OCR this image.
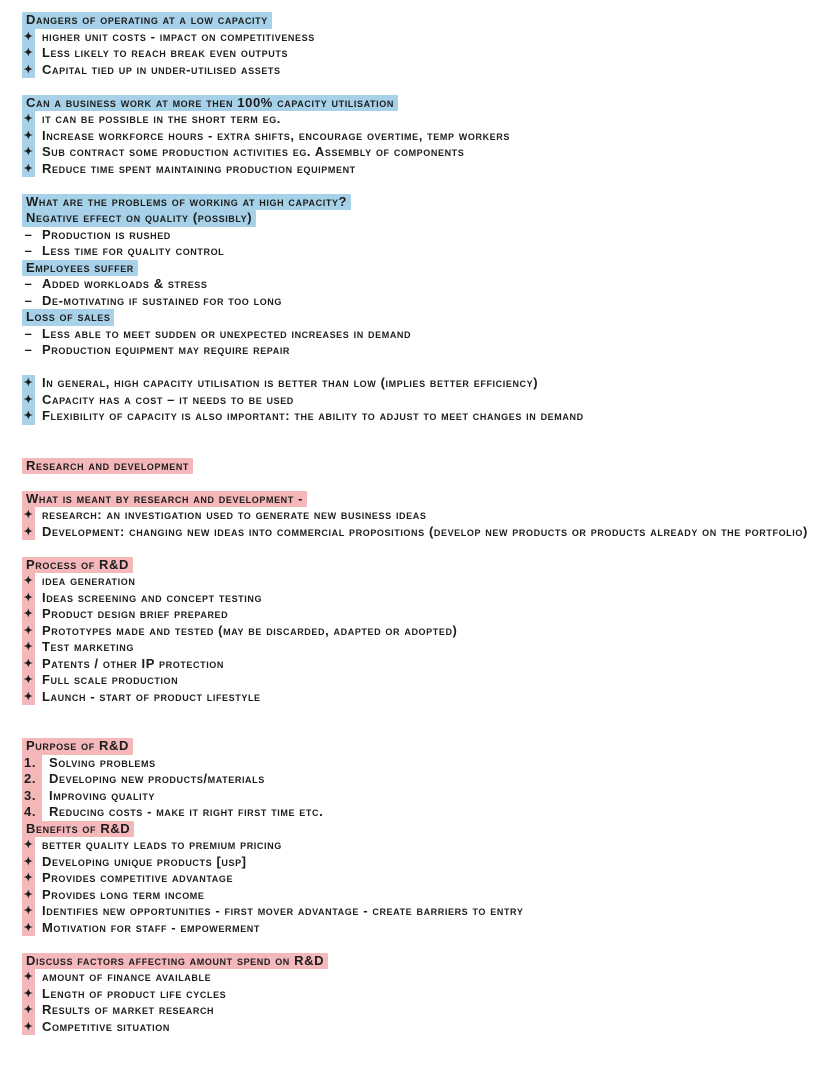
Dangers of operating at a low capacity
✦ higher unit costs - impact on competitiveness
✦ Less likely to reach break even outputs
✦ Capital tied up in under-utilised assets
Can a business work at more then 100% capacity utilisation
✦ it can be possible in the short term eg.
✦ Increase workforce hours - extra shifts, encourage overtime, temp workers
✦ Sub contract some production activities eg. Assembly of components
✦ Reduce time spent maintaining production equipment
What are the problems of working at high capacity?
Negative effect on quality (possibly)
– Production is rushed
– Less time for quality control
Employees suffer
– Added workloads & stress
– De-motivating if sustained for too long
Loss of sales
– Less able to meet sudden or unexpected increases in demand
– Production equipment may require repair
✦ In general, high capacity utilisation is better than low (implies better efficiency)
✦ Capacity has a cost – it needs to be used
✦ Flexibility of capacity is also important: the ability to adjust to meet changes in demand
Research and development
What is meant by research and development -
✦ research: an investigation used to generate new business ideas
✦ Development: changing new ideas into commercial propositions (develop new products or products already on the portfolio)
Process of R&D
✦ idea generation
✦ Ideas screening and concept testing
✦ Product design brief prepared
✦ Prototypes made and tested (may be discarded, adapted or adopted)
✦ Test marketing
✦ Patents / other IP protection
✦ Full scale production
✦ Launch - start of product lifestyle
Purpose of R&D
1. Solving problems
2. Developing new products/materials
3. Improving quality
4. Reducing costs - make it right first time etc.
Benefits of R&D
✦ better quality leads to premium pricing
✦ Developing unique products [usp]
✦ Provides competitive advantage
✦ Provides long term income
✦ Identifies new opportunities - first mover advantage - create barriers to entry
✦ Motivation for staff - empowerment
Discuss factors affecting amount spend on R&D
✦ amount of finance available
✦ Length of product life cycles
✦ Results of market research
✦ Competitive situation
